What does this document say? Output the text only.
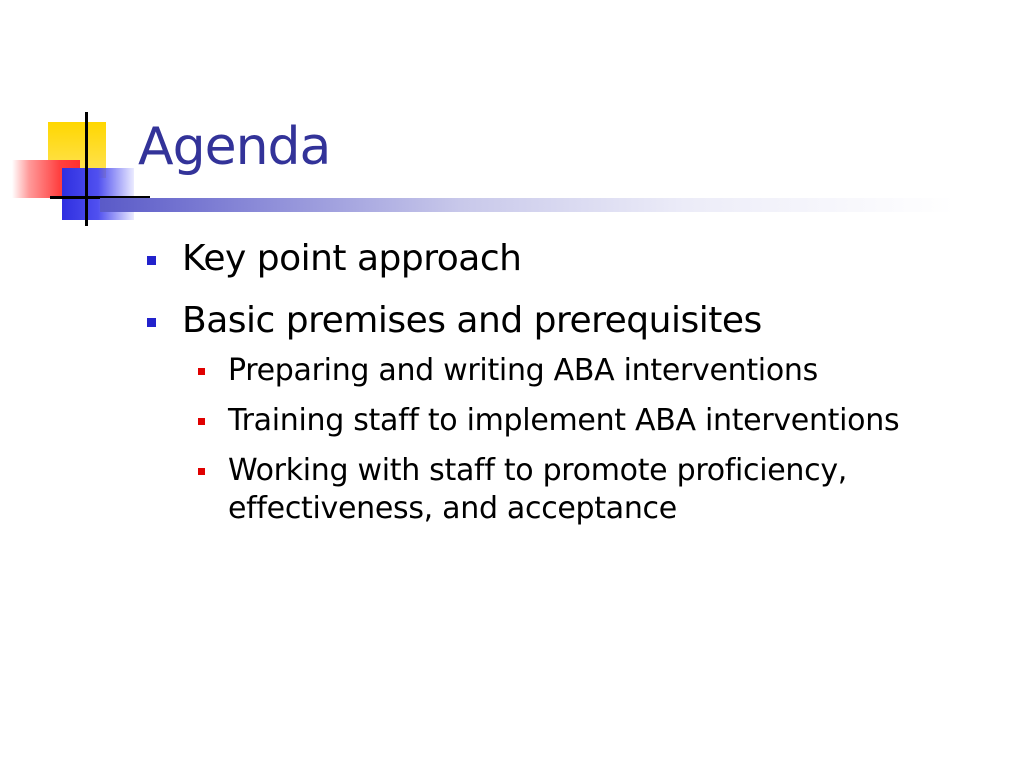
Agenda
Key point approach
Basic premises and prerequisites
Preparing and writing ABA interventions
Training staff to implement ABA interventions
Working with staff to promote proficiency, effectiveness, and acceptance
